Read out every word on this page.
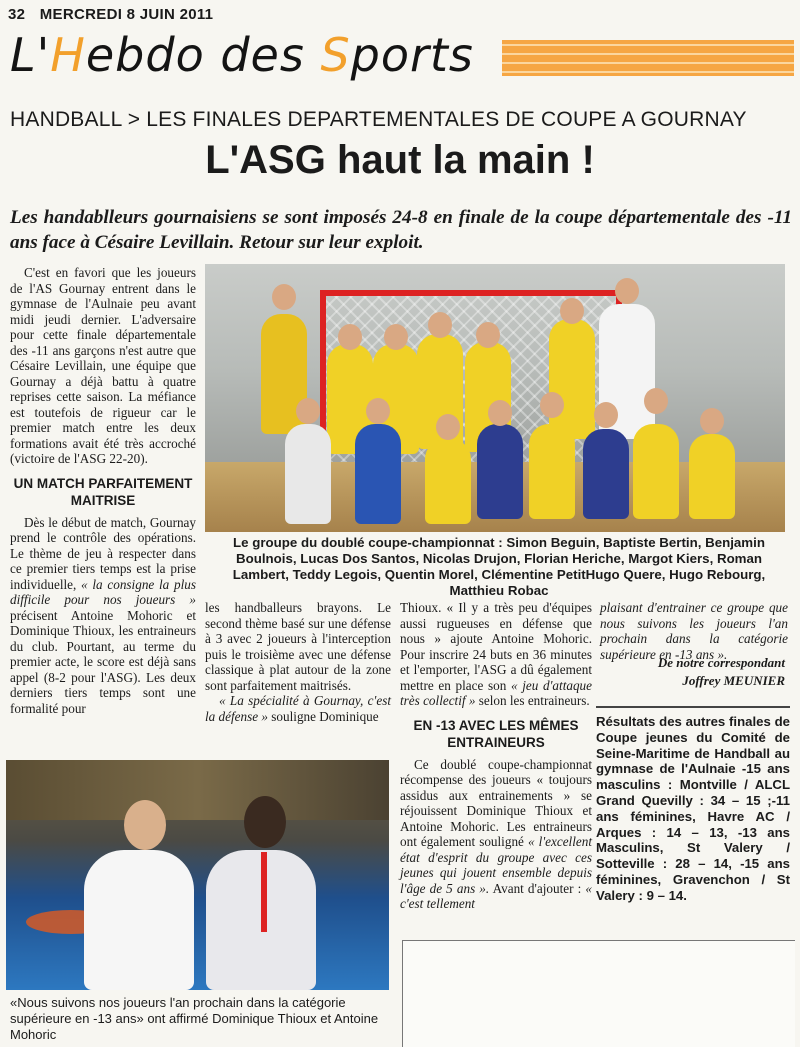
32 MERCREDI 8 JUIN 2011
L'Hebdo des Sports
HANDBALL > LES FINALES DEPARTEMENTALES DE COUPE A GOURNAY
L'ASG haut la main !
Les handablleurs gournaisiens se sont imposés 24-8 en finale de la coupe départementale des -11 ans face à Césaire Levillain. Retour sur leur exploit.

C'est en favori que les joueurs de l'AS Gournay entrent dans le gymnase de l'Aulnaie peu avant midi jeudi dernier. L'adversaire pour cette finale départementale des -11 ans garçons n'est autre que Césaire Levillain, une équipe que Gournay a déjà battu à quatre reprises cette saison. La méfiance est toutefois de rigueur car le premier match entre les deux formations avait été très accroché (victoire de l'ASG 22-20).

UN MATCH PARFAITEMENT MAITRISE

Dès le début de match, Gournay prend le contrôle des opérations. Le thème de jeu à respecter dans ce premier tiers temps est la prise individuelle, « la consigne la plus difficile pour nos joueurs » précisent Antoine Mohoric et Dominique Thioux, les entraineurs du club. Pourtant, au terme du premier acte, le score est déjà sans appel (8-2 pour l'ASG). Les deux derniers tiers temps sont une formalité pour

Le groupe du doublé coupe-championnat : Simon Beguin, Baptiste Bertin, Benjamin Boulnois, Lucas Dos Santos, Nicolas Drujon, Florian Heriche, Margot Kiers, Roman Lambert, Teddy Legois, Quentin Morel, Clémentine PetitHugo Quere, Hugo Rebourg, Matthieu Robac

les handballeurs brayons. Le second thème basé sur une défense à 3 avec 2 joueurs à l'interception puis le troisième avec une défense classique à plat autour de la zone sont parfaitement maitrisés.

« La spécialité à Gournay, c'est la défense » souligne Dominique

Thioux. « Il y a très peu d'équipes aussi rugueuses en défense que nous » ajoute Antoine Mohoric. Pour inscrire 24 buts en 36 minutes et l'emporter, l'ASG a dû également mettre en place son « jeu d'attaque très collectif » selon les entraineurs.

EN -13 AVEC LES MÊMES ENTRAINEURS

Ce doublé coupe-championnat récompense des joueurs « toujours assidus aux entrainements » se réjouissent Dominique Thioux et Antoine Mohoric. Les entraineurs ont également souligné « l'excellent état d'esprit du groupe avec ces jeunes qui jouent ensemble depuis l'âge de 5 ans ». Avant d'ajouter : « c'est tellement

plaisant d'entrainer ce groupe que nous suivons les joueurs l'an prochain dans la catégorie supérieure en -13 ans ».

De notre correspondant
Joffrey MEUNIER
Résultats des autres finales de Coupe jeunes du Comité de Seine-Maritime de Handball au gymnase de l'Aulnaie -15 ans masculins : Montville / ALCL Grand Quevilly : 34 – 15 ;-11 ans féminines, Havre AC / Arques : 14 – 13, -13 ans Masculins, St Valery / Sotteville : 28 – 14, -15 ans féminines, Gravenchon / St Valery : 9 – 14.
«Nous suivons nos joueurs l'an prochain dans la catégorie supérieure en -13 ans» ont affirmé Dominique Thioux et Antoine Mohoric
